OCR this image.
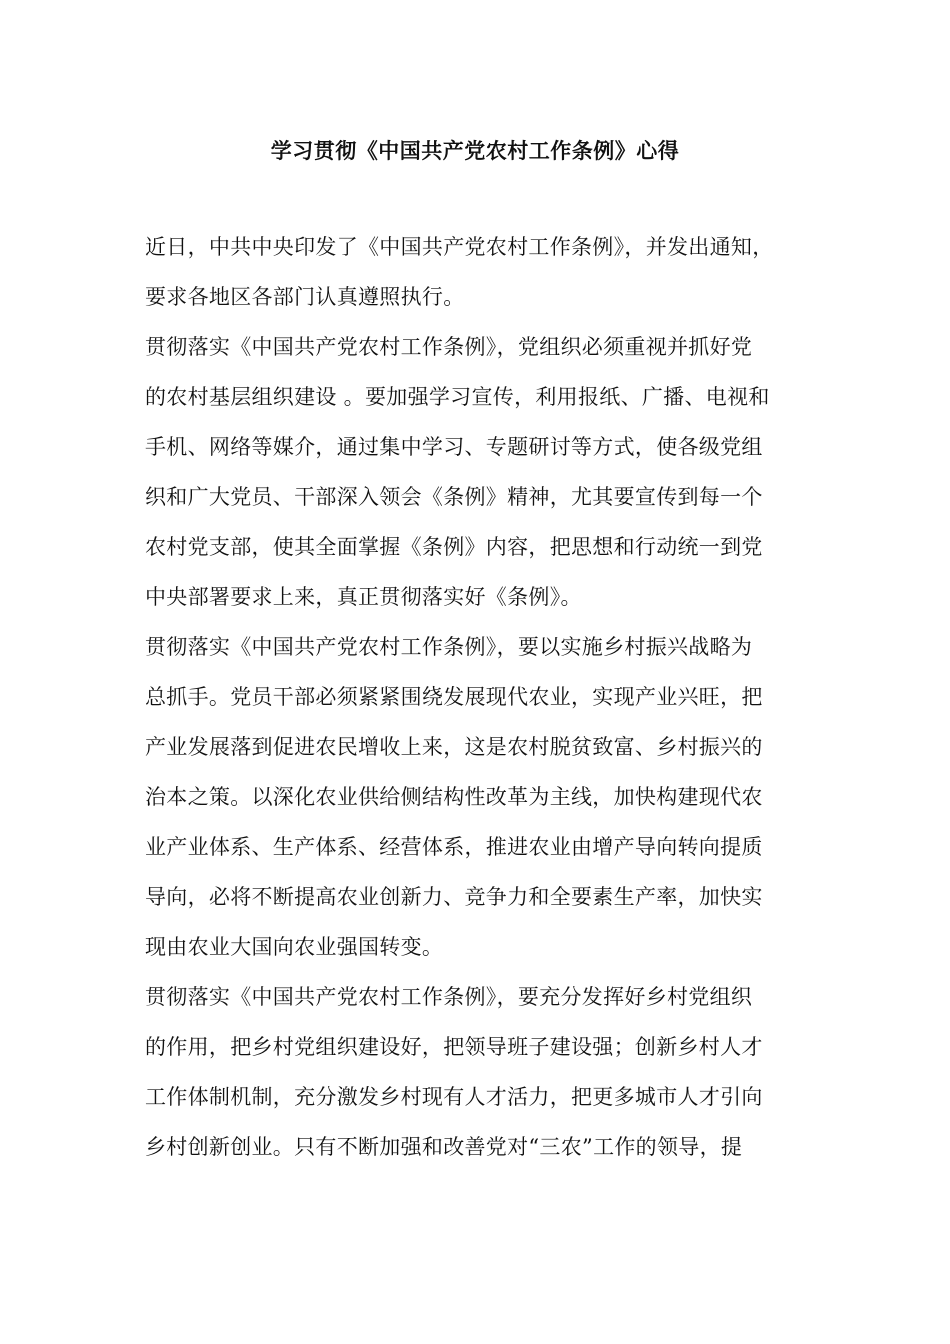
学习贯彻《中国共产党农村工作条例》心得
近日，中共中央印发了《中国共产党农村工作条例》，并发出通知，
要求各地区各部门认真遵照执行。
贯彻落实《中国共产党农村工作条例》，党组织必须重视并抓好党
的农村基层组织建设 。要加强学习宣传，利用报纸、广播、电视和
手机、网络等媒介，通过集中学习、专题研讨等方式，使各级党组
织和广大党员、干部深入领会《条例》精神，尤其要宣传到每一个
农村党支部，使其全面掌握《条例》内容，把思想和行动统一到党
中央部署要求上来，真正贯彻落实好《条例》。
贯彻落实《中国共产党农村工作条例》，要以实施乡村振兴战略为
总抓手。党员干部必须紧紧围绕发展现代农业，实现产业兴旺，把
产业发展落到促进农民增收上来，这是农村脱贫致富、乡村振兴的
治本之策。以深化农业供给侧结构性改革为主线，加快构建现代农
业产业体系、生产体系、经营体系，推进农业由增产导向转向提质
导向，必将不断提高农业创新力、竞争力和全要素生产率，加快实
现由农业大国向农业强国转变。
贯彻落实《中国共产党农村工作条例》，要充分发挥好乡村党组织
的作用，把乡村党组织建设好，把领导班子建设强；创新乡村人才
工作体制机制，充分激发乡村现有人才活力，把更多城市人才引向
乡村创新创业。只有不断加强和改善党对“三农”工作的领导，提
